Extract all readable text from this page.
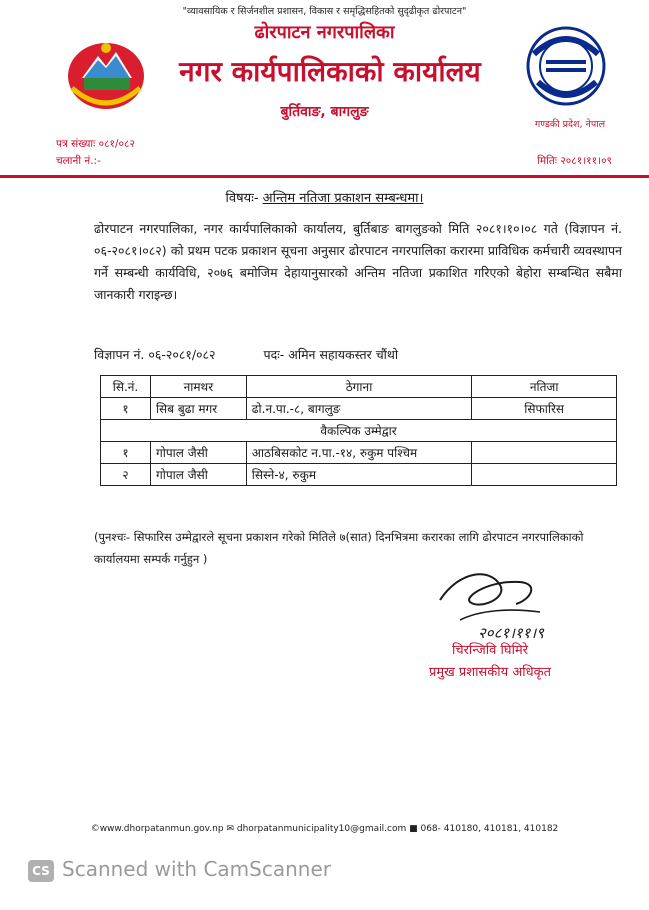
"व्यावसायिक र सिर्जनशील प्रशासन, विकास र समृद्धिसहितको सुदृढीकृत ढोरपाटन"
ढोरपाटन नगरपालिका
नगर कार्यपालिकाको कार्यालय
बुर्तिवाङ, बागलुङ
गण्डकी प्रदेश, नेपाल
पत्र संख्याः ०८१/०८२
चलानी नं.:-	मितिः २०८१।११।०९
विषयः- अन्तिम नतिजा प्रकाशन सम्बन्धमा।
ढोरपाटन नगरपालिका, नगर कार्यपालिकाको कार्यालय, बुर्तिबाङ बागलुङको मिति २०८१।१०।०८ गते (विज्ञापन नं. ०६-२०८१।०८२) को प्रथम पटक प्रकाशन सूचना अनुसार ढोरपाटन नगरपालिका करारमा प्राविधिक कर्मचारी व्यवस्थापन गर्ने सम्बन्धी कार्यविधि, २०७६ बमोजिम देहायानुसारको अन्तिम नतिजा प्रकाशित गरिएको बेहोरा सम्बन्धित सबैमा जानकारी गराइन्छ।
विज्ञापन नं. ०६-२०८१/०८२	पदः- अमिन सहायकस्तर चौंथो
सि.नं.	नामथर	ठेगाना	नतिजा
१	सिब बुढा मगर	ढो.न.पा.-८, बागलुङ	सिफारिस
वैकल्पिक उम्मेद्वार			
१	गोपाल जैसी	आठबिसकोट न.पा.-१४, रुकुम पश्चिम	
२	गोपाल जैसी	सिस्ने-४, रुकुम	
(पुनश्चः- सिफारिस उम्मेद्वारले सूचना प्रकाशन गरेको मितिले ७(सात) दिनभित्रमा करारका लागि ढोरपाटन नगरपालिकाको कार्यालयमा सम्पर्क गर्नुहुन )
२०८१।११।९
चिरन्जिवि घिमिरे
प्रमुख प्रशासकीय अधिकृत
©www.dhorpatanmun.gov.np ✉ dhorpatanmunicipality10@gmail.com ■ 068- 410180, 410181, 410182
CS Scanned with CamScanner
